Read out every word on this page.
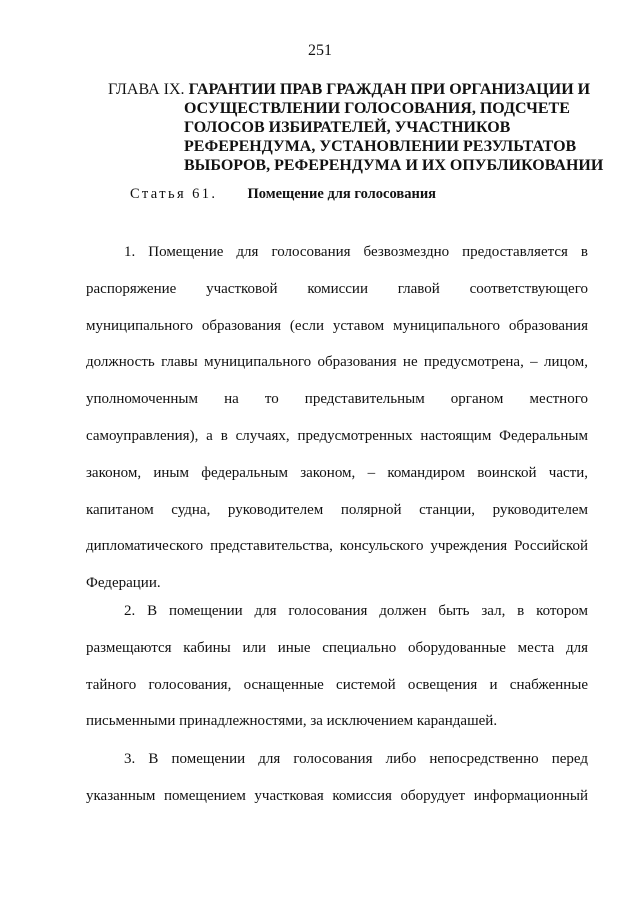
251
ГЛАВА IX. ГАРАНТИИ ПРАВ ГРАЖДАН ПРИ ОРГАНИЗАЦИИ И
ОСУЩЕСТВЛЕНИИ ГОЛОСОВАНИЯ, ПОДСЧЕТЕ
ГОЛОСОВ ИЗБИРАТЕЛЕЙ, УЧАСТНИКОВ
РЕФЕРЕНДУМА, УСТАНОВЛЕНИИ РЕЗУЛЬТАТОВ
ВЫБОРОВ, РЕФЕРЕНДУМА И ИХ ОПУБЛИКОВАНИИ
Статья 61. Помещение для голосования
1. Помещение для голосования безвозмездно предоставляется в
распоряжение участковой комиссии главой соответствующего
муниципального образования (если уставом муниципального образования
должность главы муниципального образования не предусмотрена, – лицом,
уполномоченным на то представительным органом местного
самоуправления), а в случаях, предусмотренных настоящим Федеральным
законом, иным федеральным законом, – командиром воинской части,
капитаном судна, руководителем полярной станции, руководителем
дипломатического представительства, консульского учреждения Российской
Федерации.
2. В помещении для голосования должен быть зал, в котором
размещаются кабины или иные специально оборудованные места для
тайного голосования, оснащенные системой освещения и снабженные
письменными принадлежностями, за исключением карандашей.
3. В помещении для голосования либо непосредственно перед
указанным помещением участковая комиссия оборудует информационный
